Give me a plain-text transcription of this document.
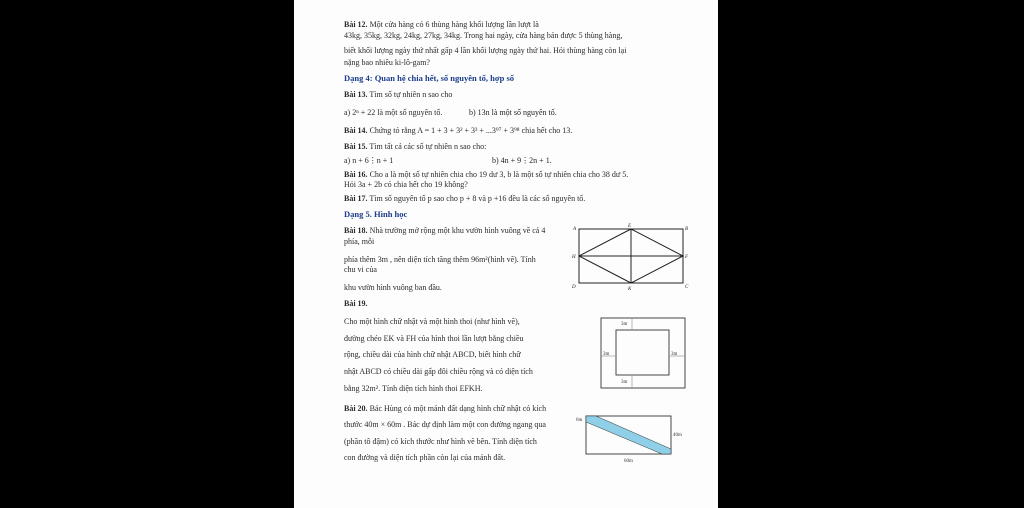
Bài 12. Một cửa hàng có 6 thùng hàng khối lượng lần lượt là
43kg, 35kg, 32kg, 24kg, 27kg, 34kg. Trong hai ngày, cửa hàng bán được 5 thùng hàng,
biết khối lượng ngày thứ nhất gấp 4 lần khối lượng ngày thứ hai. Hỏi thùng hàng còn lại
nặng bao nhiêu ki-lô-gam?
Dạng 4: Quan hệ chia hết, số nguyên tố, hợp số
Bài 13. Tìm số tự nhiên n sao cho
a) 2ⁿ + 22 là một số nguyên tố.	b) 13n là một số nguyên tố.
Bài 14. Chứng tỏ rằng A = 1 + 3 + 3² + 3³ + ...3⁹⁷ + 3⁹⁸ chia hết cho 13.
Bài 15. Tìm tất cả các số tự nhiên n sao cho:
a) n + 6⋮n + 1	b) 4n + 9⋮2n + 1.
Bài 16. Cho a là một số tự nhiên chia cho 19 dư 3, b là một số tự nhiên chia cho 38 dư 5.
Hỏi 3a + 2b có chia hết cho 19 không?
Bài 17. Tìm số nguyên tố p sao cho p + 8 và p +16 đều là các số nguyên tố.
Dạng 5. Hình học
Bài 18. Nhà trường mở rộng một khu vườn hình vuông về cả 4
phía, mỗi
phía thêm 3m , nên diện tích tăng thêm 96m²(hình vẽ). Tính
chu vi của
khu vườn hình vuông ban đầu.
A
E
B
H	F
D	K	C
Bài 19.
Cho một hình chữ nhật và một hình thoi (như hình vẽ),
đường chéo EK và FH của hình thoi lần lượt bằng chiều
rộng, chiều dài của hình chữ nhật ABCD, biết hình chữ
nhật ABCD có chiều dài gấp đôi chiều rộng và có diện tích
bằng 32m². Tính diện tích hình thoi EFKH.
3m
3m	3m
3m
Bài 20. Bác Hùng có một mảnh đất dạng hình chữ nhật có kích
thước 40m × 60m . Bác dự định làm một con đường ngang qua
(phần tô đậm) có kích thước như hình vẽ bên. Tính diện tích
con đường và diện tích phần còn lại của mảnh đất.
6m
40m
60m
